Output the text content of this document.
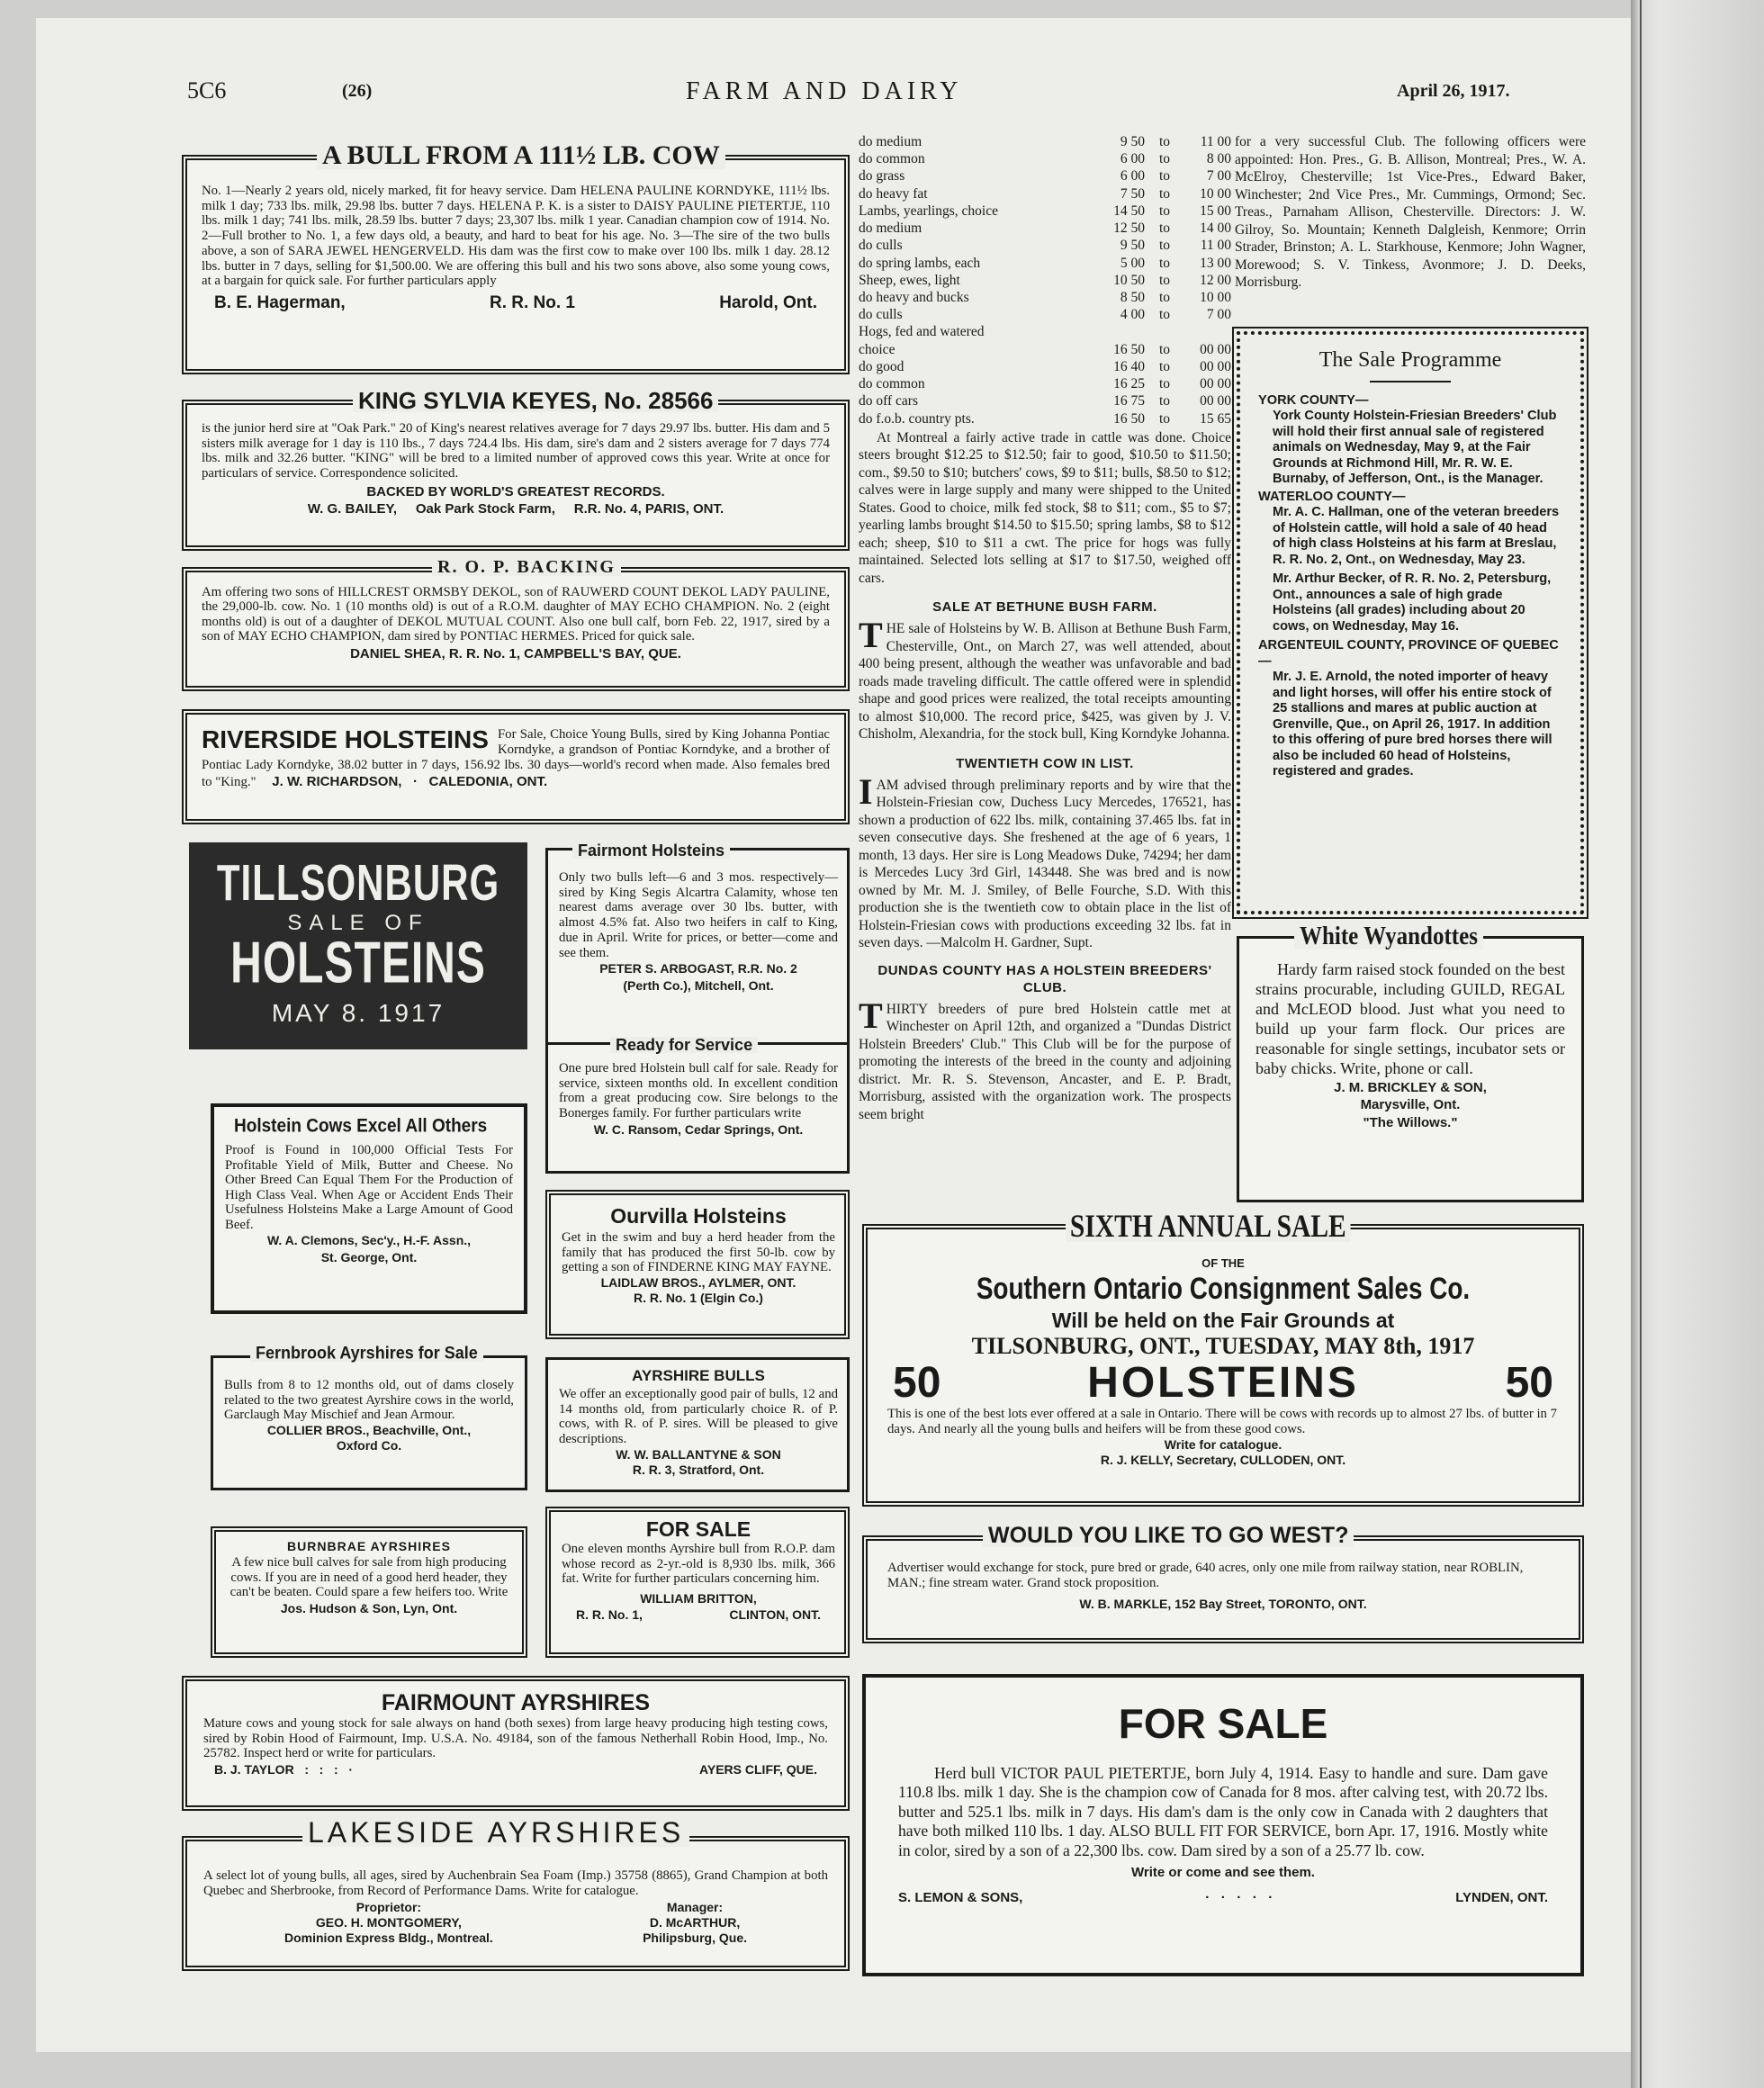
5C6	(26)	FARM AND DAIRY	April 26, 1917.
No. 1—Nearly 2 years old, nicely marked, fit for heavy service. Dam HELENA PAULINE KORNDYKE, 111½ lbs. milk 1 day; 733 lbs. milk, 29.98 lbs. butter 7 days. HELENA P. K. is a sister to DAISY PAULINE PIETERTJE, 110 lbs. milk 1 day; 741 lbs. milk, 28.59 lbs. butter 7 days; 23,307 lbs. milk 1 year. Canadian champion cow of 1914. No. 2—Full brother to No. 1, a few days old, a beauty, and hard to beat for his age. No. 3—The sire of the two bulls above, a son of SARA JEWEL HENGERVELD. His dam was the first cow to make over 100 lbs. milk 1 day. 28.12 lbs. butter in 7 days, selling for $1,500.00. We are offering this bull and his two sons above, also some young cows, at a bargain for quick sale. For further particulars apply
B. E. Hagerman,	R. R. No. 1	Harold, Ont.
A BULL FROM A 111½ LB. COW
is the junior herd sire at "Oak Park." 20 of King's nearest relatives average for 7 days 29.97 lbs. butter. His dam and 5 sisters milk average for 1 day is 110 lbs., 7 days 724.4 lbs. His dam, sire's dam and 2 sisters average for 7 days 774 lbs. milk and 32.26 butter. "KING" will be bred to a limited number of approved cows this year. Write at once for particulars of service. Correspondence solicited.
BACKED BY WORLD'S GREATEST RECORDS.
W. G. BAILEY,     Oak Park Stock Farm,     R.R. No. 4, PARIS, ONT.
KING SYLVIA KEYES, No. 28566
Am offering two sons of HILLCREST ORMSBY DEKOL, son of RAUWERD COUNT DEKOL LADY PAULINE, the 29,000-lb. cow. No. 1 (10 months old) is out of a R.O.M. daughter of MAY ECHO CHAMPION. No. 2 (eight months old) is out of a daughter of DEKOL MUTUAL COUNT. Also one bull calf, born Feb. 22, 1917, sired by a son of MAY ECHO CHAMPION, dam sired by PONTIAC HERMES. Priced for quick sale.
DANIEL SHEA, R. R. No. 1, CAMPBELL'S BAY, QUE.
R. O. P. BACKING
RIVERSIDE HOLSTEINS For Sale, Choice Young Bulls, sired by King Johanna Pontiac Korndyke, a grandson of Pontiac Korndyke, and a brother of Pontiac Lady Korndyke, 38.02 butter in 7 days, 156.92 lbs. 30 days—world's record when made. Also females bred to "King." J. W. RICHARDSON,   ·   CALEDONIA, ONT.
TILLSONBURG
SALE OF
HOLSTEINS
MAY 8. 1917
Only two bulls left—6 and 3 mos. respectively—sired by King Segis Alcartra Calamity, whose ten nearest dams average over 30 lbs. butter, with almost 4.5% fat. Also two heifers in calf to King, due in April. Write for prices, or better—come and see them.
PETER S. ARBOGAST, R.R. No. 2
(Perth Co.), Mitchell, Ont.
Fairmont Holsteins
Proof is Found in 100,000 Official Tests For Profitable Yield of Milk, Butter and Cheese. No Other Breed Can Equal Them For the Production of High Class Veal. When Age or Accident Ends Their Usefulness Holsteins Make a Large Amount of Good Beef.
W. A. Clemons, Sec'y., H.-F. Assn.,
St. George, Ont.
Holstein Cows Excel All Others
One pure bred Holstein bull calf for sale. Ready for service, sixteen months old. In excellent condition from a great producing cow. Sire belongs to the Bonerges family. For further particulars write
W. C. Ransom, Cedar Springs, Ont.
Ready for Service
Ourvilla Holsteins
Get in the swim and buy a herd header from the family that has produced the first 50-lb. cow by getting a son of FINDERNE KING MAY FAYNE.
LAIDLAW BROS., AYLMER, ONT.
R. R. No. 1 (Elgin Co.)
Bulls from 8 to 12 months old, out of dams closely related to the two greatest Ayrshire cows in the world, Garclaugh May Mischief and Jean Armour.
COLLIER BROS., Beachville, Ont.,
Oxford Co.
Fernbrook Ayrshires for Sale
AYRSHIRE BULLS
We offer an exceptionally good pair of bulls, 12 and 14 months old, from particularly choice R. of P. cows, with R. of P. sires. Will be pleased to give descriptions.
W. W. BALLANTYNE & SON
R. R. 3, Stratford, Ont.
BURNBRAE AYRSHIRES
A few nice bull calves for sale from high producing cows. If you are in need of a good herd header, they can't be beaten. Could spare a few heifers too. Write
Jos. Hudson & Son, Lyn, Ont.
FOR SALE
One eleven months Ayrshire bull from R.O.P. dam whose record as 2-yr.-old is 8,930 lbs. milk, 366 fat. Write for further particulars concerning him.
WILLIAM BRITTON,
R. R. No. 1,	CLINTON, ONT.
FAIRMOUNT AYRSHIRES
Mature cows and young stock for sale always on hand (both sexes) from large heavy producing high testing cows, sired by Robin Hood of Fairmount, Imp. U.S.A. No. 49184, son of the famous Netherhall Robin Hood, Imp., No. 25782. Inspect herd or write for particulars.
B. J. TAYLOR   :   :   :   ·	AYERS CLIFF, QUE.
A select lot of young bulls, all ages, sired by Auchenbrain Sea Foam (Imp.) 35758 (8865), Grand Champion at both Quebec and Sherbrooke, from Record of Performance Dams. Write for catalogue.
Proprietor:
GEO. H. MONTGOMERY,
Dominion Express Bldg., Montreal.
Manager:
D. McARTHUR,
Philipsburg, Que.
LAKESIDE AYRSHIRES
do medium	9 50	to	11 00
do common	6 00	to	8 00
do grass	6 00	to	7 00
do heavy fat	7 50	to	10 00
Lambs, yearlings, choice	14 50	to	15 00
do medium	12 50	to	14 00
do culls	9 50	to	11 00
do spring lambs, each	5 00	to	13 00
Sheep, ewes, light	10 50	to	12 00
do heavy and bucks	8 50	to	10 00
do culls	4 00	to	7 00
Hogs, fed and watered
choice	16 50	to	00 00
do good	16 40	to	00 00
do common	16 25	to	00 00
do off cars	16 75	to	00 00
do f.o.b. country pts.	16 50	to	15 65

At Montreal a fairly active trade in cattle was done. Choice steers brought $12.25 to $12.50; fair to good, $10.50 to $11.50; com., $9.50 to $10; butchers' cows, $9 to $11; bulls, $8.50 to $12; calves were in large supply and many were shipped to the United States. Good to choice, milk fed stock, $8 to $11; com., $5 to $7; yearling lambs brought $14.50 to $15.50; spring lambs, $8 to $12 each; sheep, $10 to $11 a cwt. The price for hogs was fully maintained. Selected lots selling at $17 to $17.50, weighed off cars.

SALE AT BETHUNE BUSH FARM.

THE sale of Holsteins by W. B. Allison at Bethune Bush Farm, Chesterville, Ont., on March 27, was well attended, about 400 being present, although the weather was unfavorable and bad roads made traveling difficult. The cattle offered were in splendid shape and good prices were realized, the total receipts amounting to almost $10,000. The record price, $425, was given by J. V. Chisholm, Alexandria, for the stock bull, King Korndyke Johanna.

TWENTIETH COW IN LIST.

IAM advised through preliminary reports and by wire that the Holstein-Friesian cow, Duchess Lucy Mercedes, 176521, has shown a production of 622 lbs. milk, containing 37.465 lbs. fat in seven consecutive days. She freshened at the age of 6 years, 1 month, 13 days. Her sire is Long Meadows Duke, 74294; her dam is Mercedes Lucy 3rd Girl, 143448. She was bred and is now owned by Mr. M. J. Smiley, of Belle Fourche, S.D. With this production she is the twentieth cow to obtain place in the list of Holstein-Friesian cows with productions exceeding 32 lbs. fat in seven days. —Malcolm H. Gardner, Supt.

DUNDAS COUNTY HAS A HOLSTEIN BREEDERS' CLUB.

THIRTY breeders of pure bred Holstein cattle met at Winchester on April 12th, and organized a "Dundas District Holstein Breeders' Club." This Club will be for the purpose of promoting the interests of the breed in the county and adjoining district. Mr. R. S. Stevenson, Ancaster, and E. P. Bradt, Morrisburg, assisted with the organization work. The prospects seem bright

for a very successful Club. The following officers were appointed: Hon. Pres., G. B. Allison, Montreal; Pres., W. A. McElroy, Chesterville; 1st Vice-Pres., Edward Baker, Winchester; 2nd Vice Pres., Mr. Cummings, Ormond; Sec. Treas., Parnaham Allison, Chesterville. Directors: J. W. Gilroy, So. Mountain; Kenneth Dalgleish, Kenmore; Orrin Strader, Brinston; A. L. Starkhouse, Kenmore; John Wagner, Morewood; S. V. Tinkess, Avonmore; J. D. Deeks, Morrisburg.
The Sale Programme
YORK COUNTY—

York County Holstein-Friesian Breeders' Club will hold their first annual sale of registered animals on Wednesday, May 9, at the Fair Grounds at Richmond Hill, Mr. R. W. E. Burnaby, of Jefferson, Ont., is the Manager.

WATERLOO COUNTY—

Mr. A. C. Hallman, one of the veteran breeders of Holstein cattle, will hold a sale of 40 head of high class Holsteins at his farm at Breslau, R. R. No. 2, Ont., on Wednesday, May 23.

Mr. Arthur Becker, of R. R. No. 2, Petersburg, Ont., announces a sale of high grade Holsteins (all grades) including about 20 cows, on Wednesday, May 16.

ARGENTEUIL COUNTY, PROVINCE OF QUEBEC—

Mr. J. E. Arnold, the noted importer of heavy and light horses, will offer his entire stock of 25 stallions and mares at public auction at Grenville, Que., on April 26, 1917. In addition to this offering of pure bred horses there will also be included 60 head of Holsteins, registered and grades.

Hardy farm raised stock founded on the best strains procurable, including GUILD, REGAL and McLEOD blood. Just what you need to build up your farm flock. Our prices are reasonable for single settings, incubator sets or baby chicks. Write, phone or call.
J. M. BRICKLEY & SON,
Marysville, Ont.
"The Willows."
White Wyandottes
OF THE
Southern Ontario Consignment Sales Co.
Will be held on the Fair Grounds at
TILSONBURG, ONT., TUESDAY, MAY 8th, 1917
50	HOLSTEINS	50
This is one of the best lots ever offered at a sale in Ontario. There will be cows with records up to almost 27 lbs. of butter in 7 days. And nearly all the young bulls and heifers will be from these good cows.
Write for catalogue.
R. J. KELLY, Secretary, CULLODEN, ONT.
SIXTH ANNUAL SALE
Advertiser would exchange for stock, pure bred or grade, 640 acres, only one mile from railway station, near ROBLIN, MAN.; fine stream water. Grand stock proposition.
W. B. MARKLE, 152 Bay Street, TORONTO, ONT.
WOULD YOU LIKE TO GO WEST?
FOR SALE
Herd bull VICTOR PAUL PIETERTJE, born July 4, 1914. Easy to handle and sure. Dam gave 110.8 lbs. milk 1 day. She is the champion cow of Canada for 8 mos. after calving test, with 20.72 lbs. butter and 525.1 lbs. milk in 7 days. His dam's dam is the only cow in Canada with 2 daughters that have both milked 110 lbs. 1 day. ALSO BULL FIT FOR SERVICE, born Apr. 17, 1916. Mostly white in color, sired by a son of a 22,300 lbs. cow. Dam sired by a son of a 25.77 lb. cow.
Write or come and see them.
S. LEMON & SONS,	·   ·   ·   ·   ·	LYNDEN, ONT.
